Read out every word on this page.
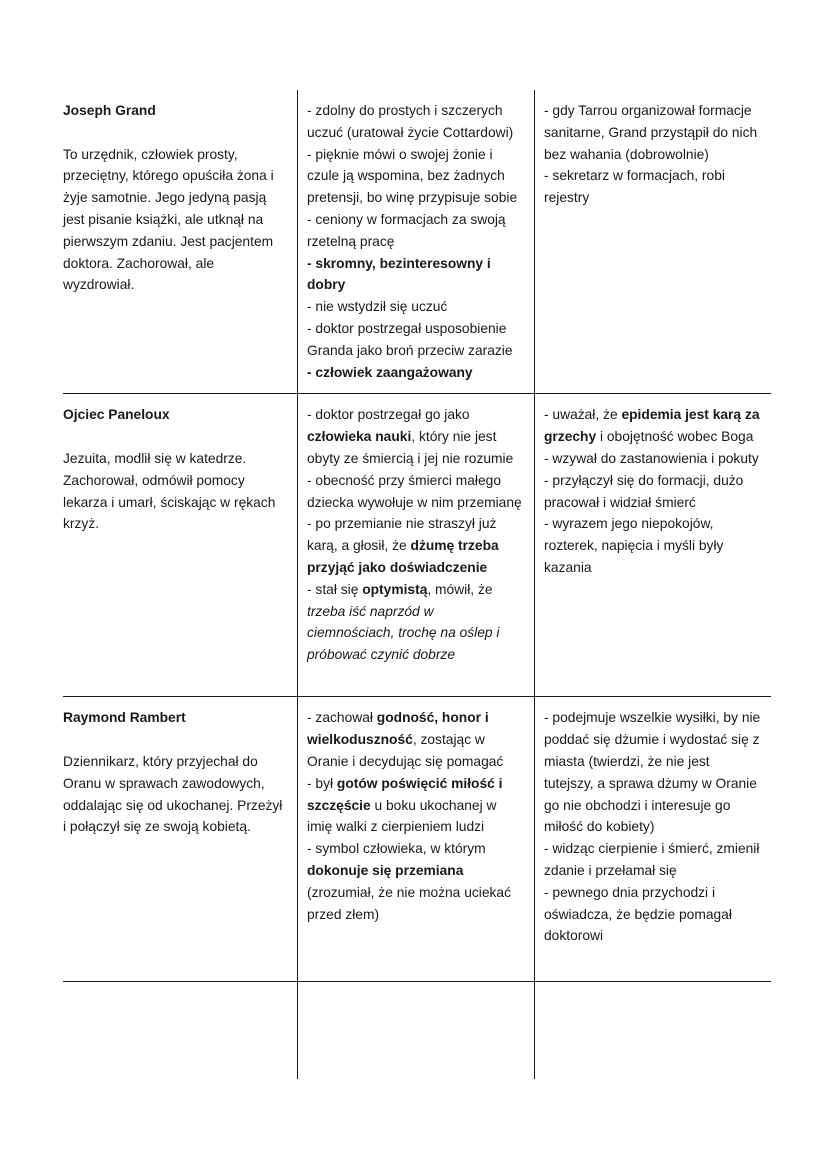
Joseph Grand

To urzędnik, człowiek prosty, przeciętny, którego opuściła żona i żyje samotnie. Jego jedyną pasją jest pisanie książki, ale utknął na pierwszym zdaniu. Jest pacjentem doktora. Zachorował, ale wyzdrowiał.

- zdolny do prostych i szczerych uczuć (uratował życie Cottardowi)

- pięknie mówi o swojej żonie i czule ją wspomina, bez żadnych pretensji, bo winę przypisuje sobie

- ceniony w formacjach za swoją rzetelną pracę

- skromny, bezinteresowny i dobry

- nie wstydził się uczuć

- doktor postrzegał usposobienie Granda jako broń przeciw zarazie

- człowiek zaangażowany

- gdy Tarrou organizował formacje sanitarne, Grand przystąpił do nich bez wahania (dobrowolnie)

- sekretarz w formacjach, robi rejestry

Ojciec Paneloux

Jezuita, modlił się w katedrze. Zachorował, odmówił pomocy lekarza i umarł, ściskając w rękach krzyż.

- doktor postrzegał go jako człowieka nauki, który nie jest obyty ze śmiercią i jej nie rozumie

- obecność przy śmierci małego dziecka wywołuje w nim przemianę

- po przemianie nie straszył już karą, a głosił, że dżumę trzeba przyjąć jako doświadczenie

- stał się optymistą, mówił, że trzeba iść naprzód w ciemnościach, trochę na oślep i próbować czynić dobrze

- uważał, że epidemia jest karą za grzechy i obojętność wobec Boga

- wzywał do zastanowienia i pokuty

- przyłączył się do formacji, dużo pracował i widział śmierć

- wyrazem jego niepokojów, rozterek, napięcia i myśli były kazania

Raymond Rambert

Dziennikarz, który przyjechał do Oranu w sprawach zawodowych, oddalając się od ukochanej. Przeżył i połączył się ze swoją kobietą.

- zachował godność, honor i wielkoduszność, zostając w Oranie i decydując się pomagać

- był gotów poświęcić miłość i szczęście u boku ukochanej w imię walki z cierpieniem ludzi

- symbol człowieka, w którym dokonuje się przemiana (zrozumiał, że nie można uciekać przed złem)

- podejmuje wszelkie wysiłki, by nie poddać się dżumie i wydostać się z miasta (twierdzi, że nie jest tutejszy, a sprawa dżumy w Oranie go nie obchodzi i interesuje go miłość do kobiety)

- widząc cierpienie i śmierć, zmienił zdanie i przełamał się

- pewnego dnia przychodzi i oświadcza, że będzie pomagał doktorowi
